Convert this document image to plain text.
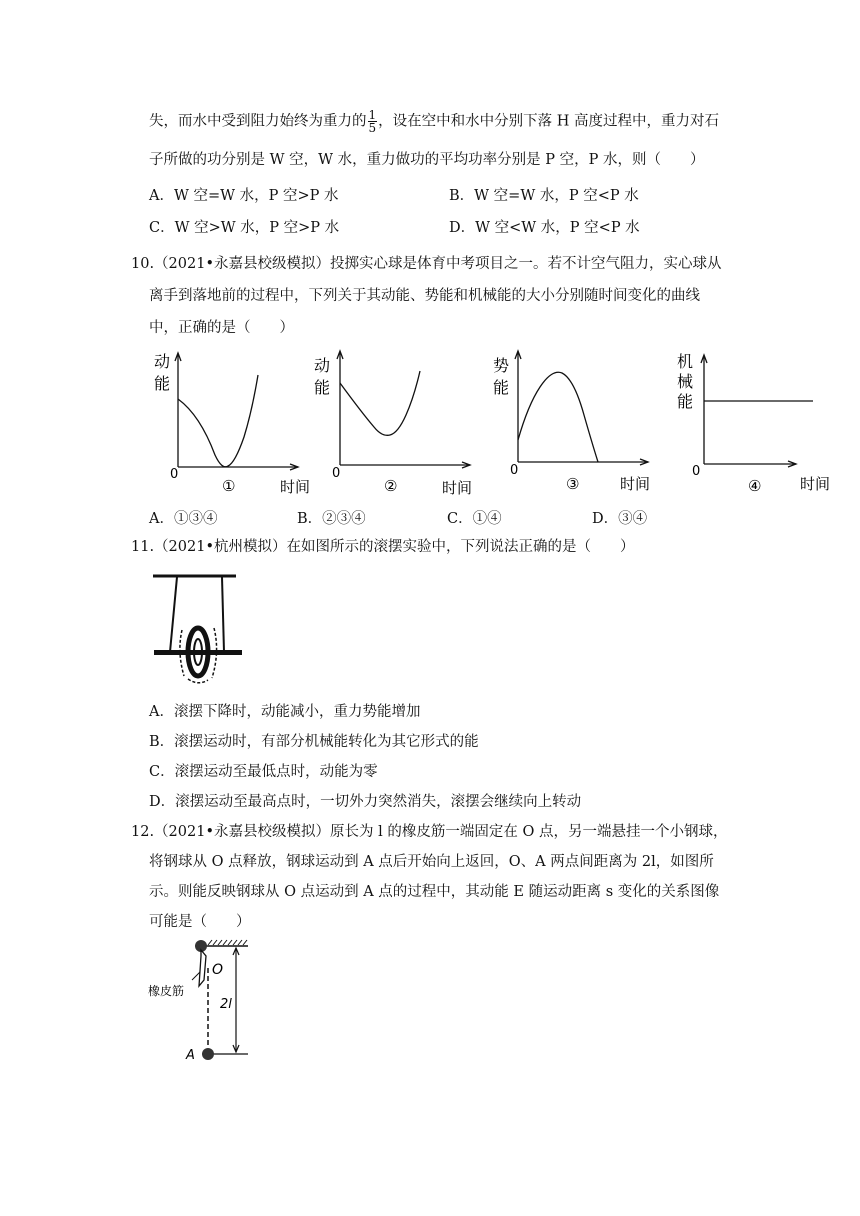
失，而水中受到阻力始终为重力的 $\frac{1}{5}$ ，设在空中和水中分别下落 H 高度过程中，重力对石
子所做的功分别是 W 空，W 水，重力做功的平均功率分别是 P 空，P 水，则（　　）
A．W 空=W 水，P 空>P 水	B．W 空=W 水，P 空<P 水
C．W 空>W 水，P 空>P 水	D．W 空<W 水，P 空<P 水
10.（2021•永嘉县校级模拟）投掷实心球是体育中考项目之一。若不计空气阻力，实心球从
离手到落地前的过程中，下列关于其动能、势能和机械能的大小分别随时间变化的曲线
中，正确的是（　　）
动
能
0
①	时间
动
能
0
②	时间
势
能
0
③	时间
机
械
能
0
④	时间
A．①③④	B．②③④	C．①④	D．③④
11.（2021•杭州模拟）在如图所示的滚摆实验中，下列说法正确的是（　　）
A．滚摆下降时，动能减小，重力势能增加
B．滚摆运动时，有部分机械能转化为其它形式的能
C．滚摆运动至最低点时，动能为零
D．滚摆运动至最高点时，一切外力突然消失，滚摆会继续向上转动
12.（2021•永嘉县校级模拟）原长为 l 的橡皮筋一端固定在 O 点，另一端悬挂一个小钢球，
将钢球从 O 点释放，钢球运动到 A 点后开始向上返回，O、A 两点间距离为 2l，如图所
示。则能反映钢球从 O 点运动到 A 点的过程中，其动能 E 随运动距离 s 变化的关系图像
可能是（　　）
O
A
橡皮筋
2l
